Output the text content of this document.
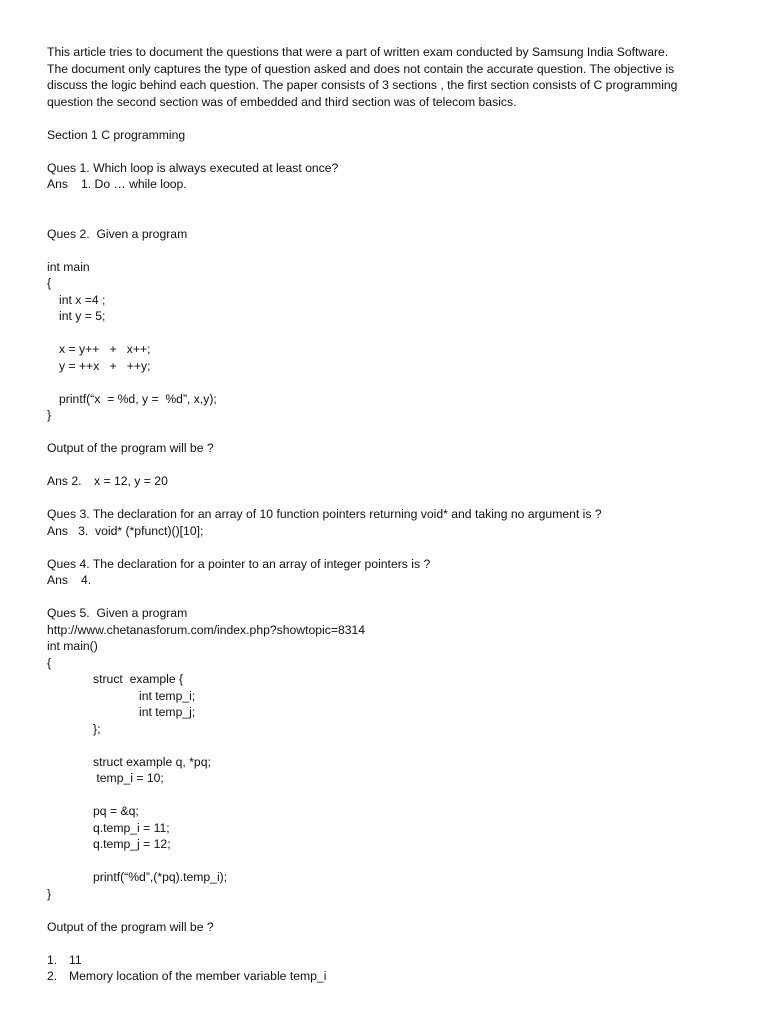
This article tries to document the questions that were a part of written exam conducted by Samsung India Software.

The document only captures the type of question asked and does not contain the accurate question. The objective is

discuss the logic behind each question. The paper consists of 3 sections , the first section consists of C programming

question the second section was of embedded and third section was of telecom basics.

Section 1 C programming

Ques 1. Which loop is always executed at least once?

Ans 1. Do … while loop.

Ques 2.  Given a program

int main

{

int x =4 ;

int y = 5;

x = y++   +   x++;

y = ++x   +   ++y;

printf(“x  = %d, y =  %d”, x,y);

}

Output of the program will be ?

Ans 2. x = 12, y = 20

Ques 3. The declaration for an array of 10 function pointers returning void* and taking no argument is ?

Ans   3. void* (*pfunct)()[10];

Ques 4. The declaration for a pointer to an array of integer pointers is ?

Ans 4.

Ques 5.  Given a program

http://www.chetanasforum.com/index.php?showtopic=8314

int main()

{

struct  example {

int temp_i;

int temp_j;

};

struct example q, *pq;

temp_i = 10;

pq = &q;

q.temp_i = 11;

q.temp_j = 12;

printf(“%d”,(*pq).temp_i);

}

Output of the program will be ?

1. 11

2. Memory location of the member variable temp_i
